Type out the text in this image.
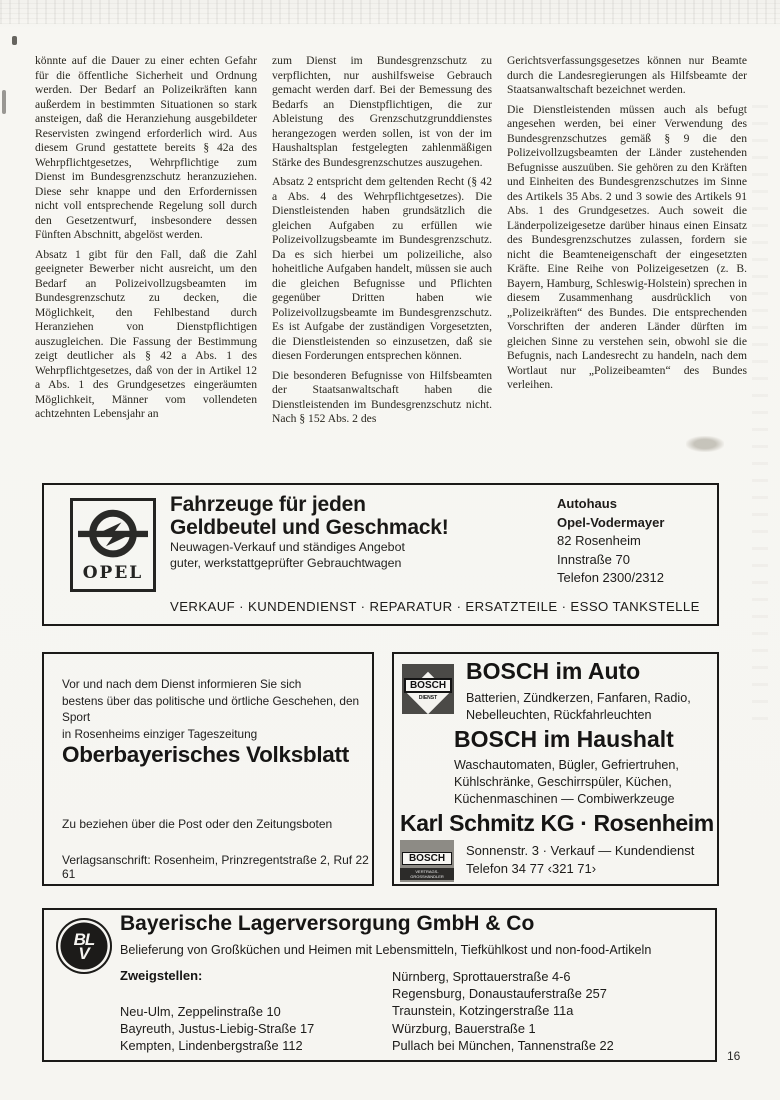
könnte auf die Dauer zu einer echten Gefahr für die öffentliche Sicherheit und Ordnung werden. Der Bedarf an Polizeikräften kann außerdem in bestimmten Situationen so stark ansteigen, daß die Heranziehung ausgebildeter Reservisten zwingend erforderlich wird. Aus diesem Grund gestattete bereits § 42a des Wehrpflichtgesetzes, Wehrpflichtige zum Dienst im Bundesgrenzschutz heranzuziehen. Diese sehr knappe und den Erfordernissen nicht voll entsprechende Regelung soll durch den Gesetzentwurf, insbesondere dessen Fünften Abschnitt, abgelöst werden.

Absatz 1 gibt für den Fall, daß die Zahl geeigneter Bewerber nicht ausreicht, um den Bedarf an Polizeivollzugsbeamten im Bundesgrenzschutz zu decken, die Möglichkeit, den Fehlbestand durch Heranziehen von Dienstpflichtigen auszugleichen. Die Fassung der Bestimmung zeigt deutlicher als § 42 a Abs. 1 des Wehrpflichtgesetzes, daß von der in Artikel 12 a Abs. 1 des Grundgesetzes eingeräumten Möglichkeit, Männer vom vollendeten achtzehnten Lebensjahr an

zum Dienst im Bundesgrenzschutz zu verpflichten, nur aushilfsweise Gebrauch gemacht werden darf. Bei der Bemessung des Bedarfs an Dienstpflichtigen, die zur Ableistung des Grenzschutzgrunddienstes herangezogen werden sollen, ist von der im Haushaltsplan festgelegten zahlenmäßigen Stärke des Bundesgrenzschutzes auszugehen.

Absatz 2 entspricht dem geltenden Recht (§ 42 a Abs. 4 des Wehrpflichtgesetzes). Die Dienstleistenden haben grundsätzlich die gleichen Aufgaben zu erfüllen wie Polizeivollzugsbeamte im Bundesgrenzschutz. Da es sich hierbei um polizeiliche, also hoheitliche Aufgaben handelt, müssen sie auch die gleichen Befugnisse und Pflichten gegenüber Dritten haben wie Polizeivollzugsbeamte im Bundesgrenzschutz. Es ist Aufgabe der zuständigen Vorgesetzten, die Dienstleistenden so einzusetzen, daß sie diesen Forderungen entsprechen können.

Die besonderen Befugnisse von Hilfsbeamten der Staatsanwaltschaft haben die Dienstleistenden im Bundesgrenzschutz nicht. Nach § 152 Abs. 2 des

Gerichtsverfassungsgesetzes können nur Beamte durch die Landesregierungen als Hilfsbeamte der Staatsanwaltschaft bezeichnet werden.

Die Dienstleistenden müssen auch als befugt angesehen werden, bei einer Verwendung des Bundesgrenzschutzes gemäß § 9 die den Polizeivollzugsbeamten der Länder zustehenden Befugnisse auszuüben. Sie gehören zu den Kräften und Einheiten des Bundesgrenzschutzes im Sinne des Artikels 35 Abs. 2 und 3 sowie des Artikels 91 Abs. 1 des Grundgesetzes. Auch soweit die Länderpolizeigesetze darüber hinaus einen Einsatz des Bundesgrenzschutzes zulassen, fordern sie nicht die Beamteneigenschaft der eingesetzten Kräfte. Eine Reihe von Polizeigesetzen (z. B. Bayern, Hamburg, Schleswig-Holstein) sprechen in diesem Zusammenhang ausdrücklich von „Polizeikräften“ des Bundes. Die entsprechenden Vorschriften der anderen Länder dürften im gleichen Sinne zu verstehen sein, obwohl sie die Befugnis, nach Landesrecht zu handeln, nach dem Wortlaut nur „Polizeibeamten“ des Bundes verleihen.

OPEL
Fahrzeuge für jeden
Geldbeutel und Geschmack!
Neuwagen-Verkauf und ständiges Angebot
guter, werkstattgeprüfter Gebrauchtwagen
Autohaus
Opel-Vodermayer
82 Rosenheim
Innstraße 70
Telefon 2300/2312
VERKAUF · KUNDENDIENST · REPARATUR · ERSATZTEILE · ESSO TANKSTELLE
Vor und nach dem Dienst informieren Sie sich
bestens über das politische und örtliche Geschehen, den Sport
in Rosenheims einziger Tageszeitung
Oberbayerisches Volksblatt
Zu beziehen über die Post oder den Zeitungsboten
Verlagsanschrift: Rosenheim, Prinzregentstraße 2, Ruf 22 61
BOSCH
DIENST
BOSCH im Auto
Batterien, Zündkerzen, Fanfaren, Radio,
Nebelleuchten, Rückfahrleuchten
BOSCH im Haushalt
Waschautomaten, Bügler, Gefriertruhen,
Kühlschränke, Geschirrspüler, Küchen,
Küchenmaschinen — Combiwerkzeuge
Karl Schmitz KG · Rosenheim
BOSCH
VERTRAGS-GROSSHÄNDLER
Sonnenstr. 3 · Verkauf — Kundendienst
Telefon 34 77 ‹321 71›
BL
V
Bayerische Lagerversorgung GmbH & Co
Belieferung von Großküchen und Heimen mit Lebensmitteln, Tiefkühlkost und non-food-Artikeln
Zweigstellen:
Neu-Ulm, Zeppelinstraße 10
Bayreuth, Justus-Liebig-Straße 17
Kempten, Lindenbergstraße 112
Nürnberg, Sprottauerstraße 4-6
Regensburg, Donaustauferstraße 257
Traunstein, Kotzingerstraße 11a
Würzburg, Bauerstraße 1
Pullach bei München, Tannenstraße 22
16
